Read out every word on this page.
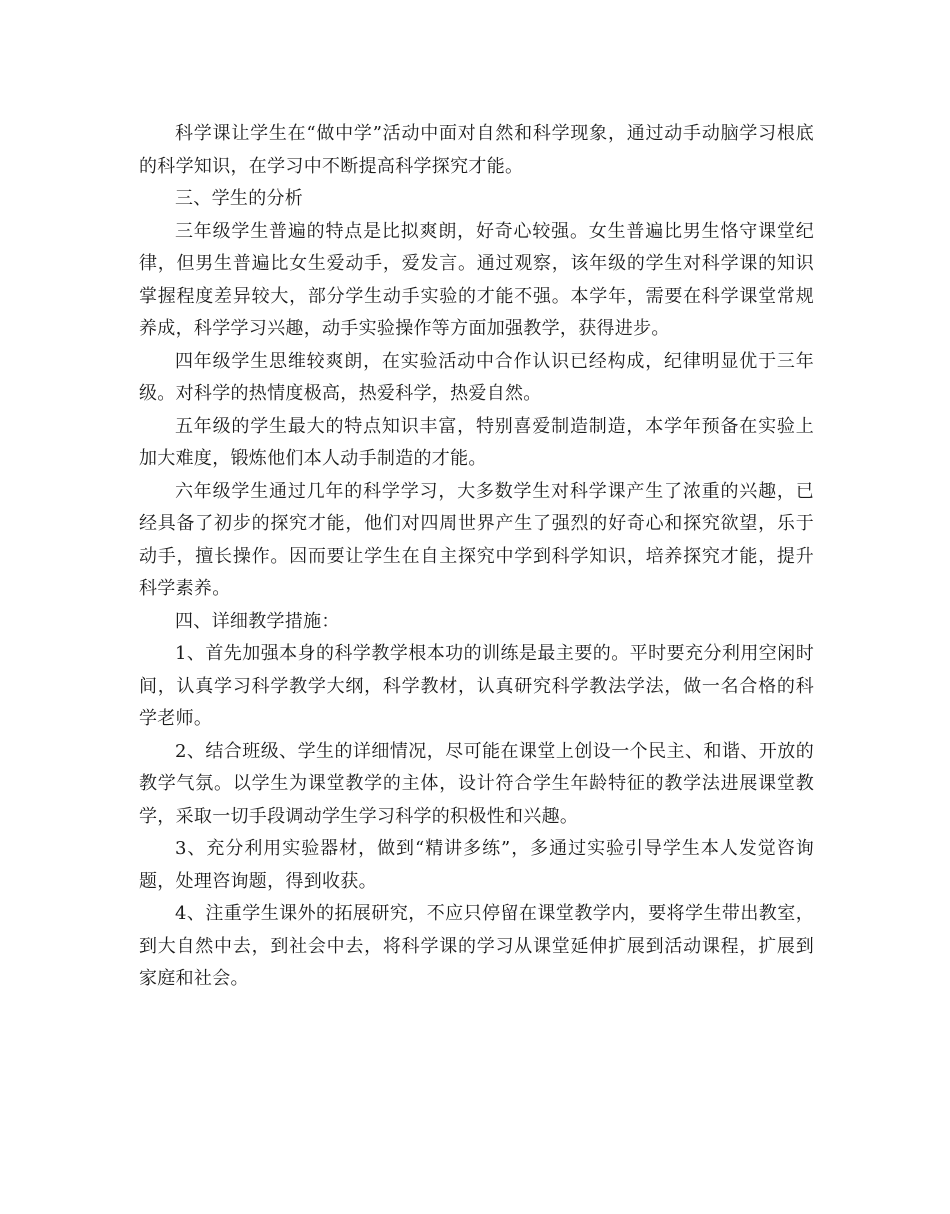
科学课让学生在“做中学”活动中面对自然和科学现象，通过动手动脑学习根底的科学知识，在学习中不断提高科学探究才能。

三、学生的分析

三年级学生普遍的特点是比拟爽朗，好奇心较强。女生普遍比男生恪守课堂纪律，但男生普遍比女生爱动手，爱发言。通过观察，该年级的学生对科学课的知识掌握程度差异较大，部分学生动手实验的才能不强。本学年，需要在科学课堂常规养成，科学学习兴趣，动手实验操作等方面加强教学，获得进步。

四年级学生思维较爽朗，在实验活动中合作认识已经构成，纪律明显优于三年级。对科学的热情度极高，热爱科学，热爱自然。

五年级的学生最大的特点知识丰富，特别喜爱制造制造，本学年预备在实验上加大难度，锻炼他们本人动手制造的才能。

六年级学生通过几年的科学学习，大多数学生对科学课产生了浓重的兴趣，已经具备了初步的探究才能，他们对四周世界产生了强烈的好奇心和探究欲望，乐于动手，擅长操作。因而要让学生在自主探究中学到科学知识，培养探究才能，提升科学素养。

四、详细教学措施：

1、首先加强本身的科学教学根本功的训练是最主要的。平时要充分利用空闲时间，认真学习科学教学大纲，科学教材，认真研究科学教法学法，做一名合格的科学老师。

2、结合班级、学生的详细情况，尽可能在课堂上创设一个民主、和谐、开放的教学气氛。以学生为课堂教学的主体，设计符合学生年龄特征的教学法进展课堂教学，采取一切手段调动学生学习科学的积极性和兴趣。

3、充分利用实验器材，做到“精讲多练”，多通过实验引导学生本人发觉咨询题，处理咨询题，得到收获。

4、注重学生课外的拓展研究，不应只停留在课堂教学内，要将学生带出教室，到大自然中去，到社会中去，将科学课的学习从课堂延伸扩展到活动课程，扩展到家庭和社会。
